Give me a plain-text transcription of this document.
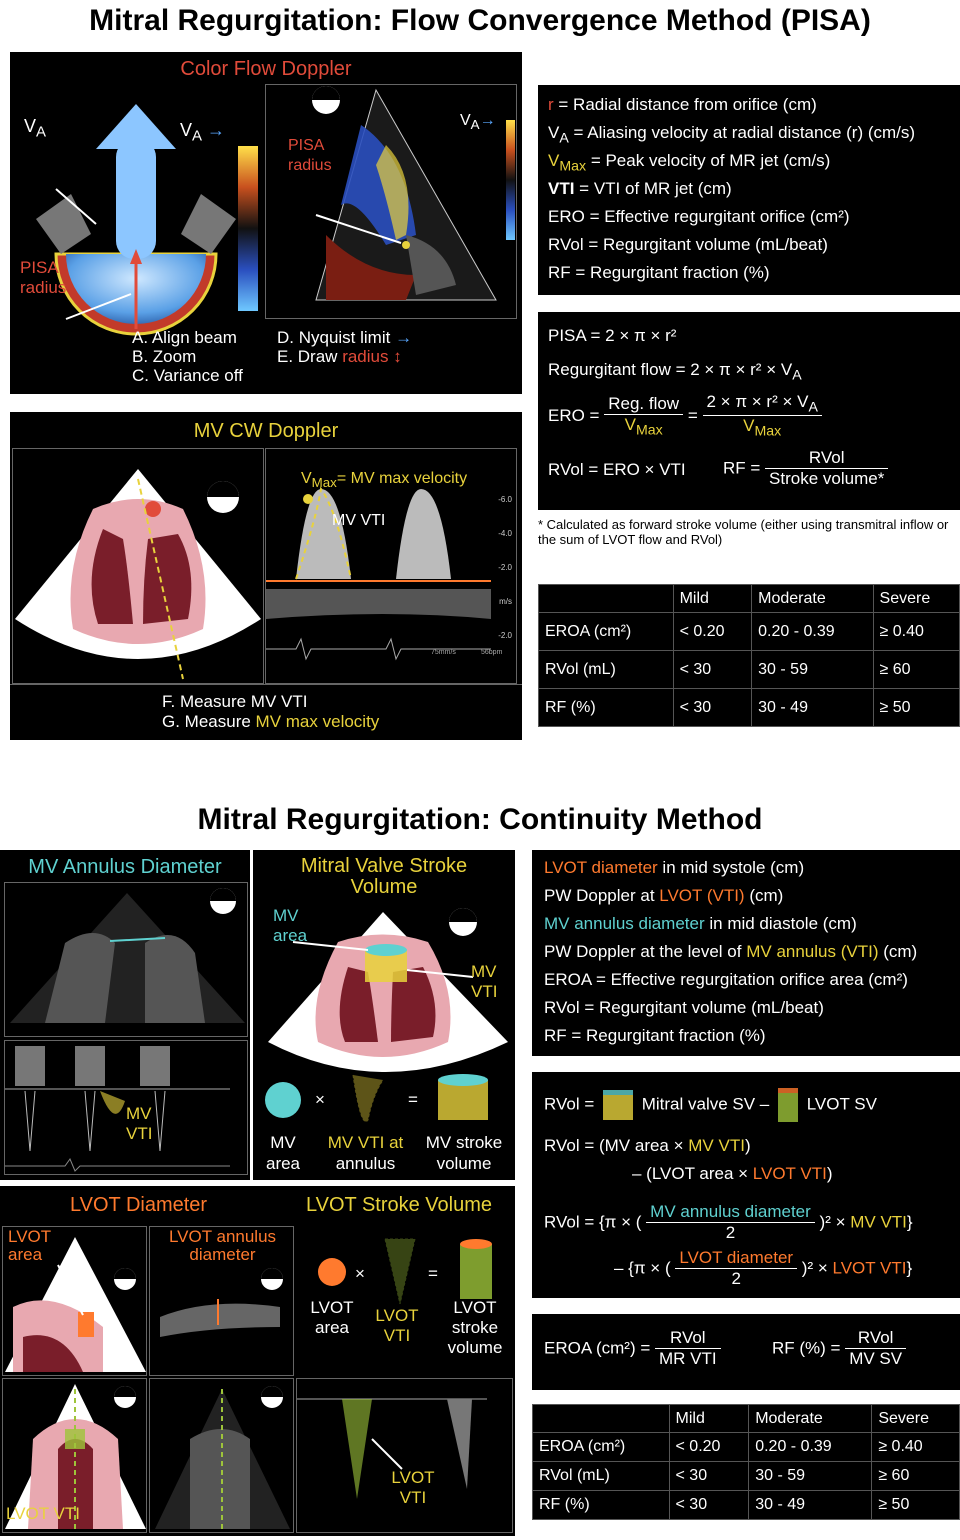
Mitral Regurgitation: Flow Convergence Method (PISA)
Color Flow Doppler
$V_A$	$V_A$ →
PISA
radius
PISA
radius
$V_A\to$
A. Align beam
B. Zoom
C. Variance off
D. Nyquist limit →
E. Draw radius ↕
MV CW Doppler
-6.0
-4.0
-2.0
m/s
-2.0
75mm/s	56bpm
$V_{Max}=$ MV max velocity
MV VTI
F. Measure MV VTI
G. Measure MV max velocity
r = Radial distance from orifice (cm)
$V_A$ = Aliasing velocity at radial distance (r) (cm/s)
$V_{Max}$ = Peak velocity of MR jet (cm/s)
VTI = VTI of MR jet (cm)
ERO = Effective regurgitant orifice (cm²)
RVol = Regurgitant volume (mL/beat)
RF = Regurgitant fraction (%)
PISA = 2 × π × r²
Regurgitant flow = $2 \times \pi \times r^2 \times V_A$
ERO = $\frac{\text{Reg. flow}}{V_{Max}} = \frac{2 \times \pi \times r^2 \times V_A}{V_{Max}}$
RVol = ERO × VTI RF = $\frac{\text{RVol}}{\text{Stroke volume*}}$
* Calculated as forward stroke volume (either using transmitral inflow or the sum of LVOT flow and RVol)
	Mild	Moderate	Severe
EROA (cm²)	< 0.20	0.20 - 0.39	≥ 0.40
RVol (mL)	< 30	30 - 59	≥ 60
RF (%)	< 30	30 - 49	≥ 50
Mitral Regurgitation: Continuity Method
MV Annulus Diameter
MV
VTI
Mitral Valve Stroke
Volume
MV
area
MV
VTI
×	=
MV
area
MV VTI at
annulus
MV stroke
volume
LVOT Diameter	LVOT Stroke Volume
LVOT
area
LVOT annulus
diameter
×	=
LVOT
area
LVOT
VTI
LVOT
stroke
volume
LVOT VTI
LVOT
VTI
LVOT diameter in mid systole (cm)
PW Doppler at LVOT (VTI) (cm)
MV annulus diameter in mid diastole (cm)
PW Doppler at the level of MV annulus (VTI) (cm)
EROA = Effective regurgitation orifice area (cm²)
RVol = Regurgitant volume (mL/beat)
RF = Regurgitant fraction (%)
RVol =	Mitral valve SV – LVOT SV
RVol = (MV area × MV VTI)
– (LVOT area × LVOT VTI)
RVol = {π × ( $\frac{\text{MV annulus diameter}}{2} )^2$ × MV VTI}
– {π × ( $\frac{\text{LVOT diameter}}{2} )^2$ × LVOT VTI}
EROA $(cm^2) = \frac{\text{RVol}}{\text{MR VTI}}$	RF (%) = $\frac{\text{RVol}}{\text{MV SV}}$
	Mild	Moderate	Severe
EROA (cm²)	< 0.20	0.20 - 0.39	≥ 0.40
RVol (mL)	< 30	30 - 59	≥ 60
RF (%)	< 30	30 - 49	≥ 50
